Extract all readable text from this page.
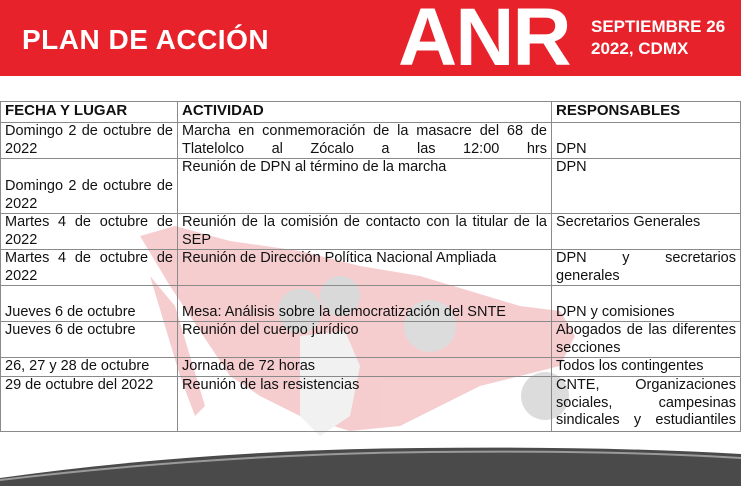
PLAN DE ACCIÓN ANR SEPTIEMBRE 26
2022, CDMX
FECHA Y LUGAR	ACTIVIDAD	RESPONSABLES
Domingo 2 de octubre de 2022	Marcha en conmemoración de la masacre del 68 de Tlatelolco al Zócalo a las 12:00 hrs	DPN
Domingo 2 de octubre de 2022	Reunión de DPN al término de la marcha	DPN
Martes 4 de octubre de 2022	Reunión de la comisión de contacto con la titular de la SEP	Secretarios Generales
Martes 4 de octubre de 2022	Reunión de Dirección Política Nacional Ampliada	DPN y secretarios generales
Jueves 6 de octubre	Mesa: Análisis sobre la democratización del SNTE	DPN y comisiones
Jueves 6 de octubre	Reunión del cuerpo jurídico	Abogados de las diferentes secciones
26, 27 y 28 de octubre	Jornada de 72 horas	Todos los contingentes
29 de octubre del 2022	Reunión de las resistencias	CNTE, Organizaciones sociales, campesinas sindicales y estudiantiles
